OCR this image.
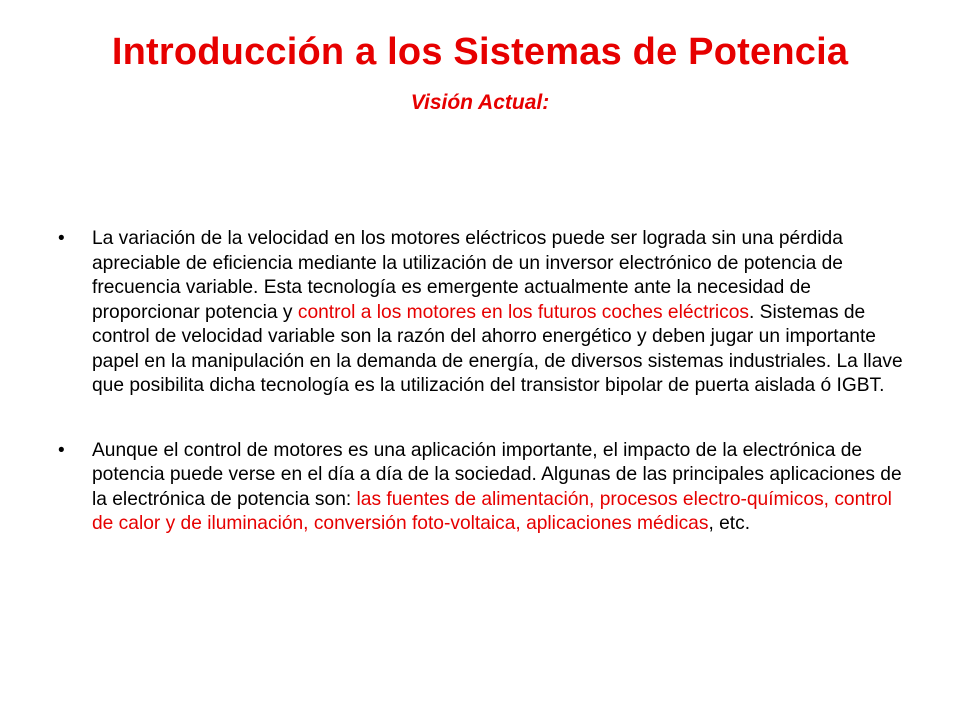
Introducción a los Sistemas de Potencia
Visión Actual:
• La variación de la velocidad en los motores eléctricos puede ser lograda sin una pérdida apreciable de eficiencia mediante la utilización de un inversor electrónico de potencia de frecuencia variable. Esta tecnología es emergente actualmente ante la necesidad de proporcionar potencia y control a los motores en los futuros coches eléctricos. Sistemas de control de velocidad variable son la razón del ahorro energético y deben jugar un importante papel en la manipulación en la demanda de energía, de diversos sistemas industriales. La llave que posibilita dicha tecnología es la utilización del transistor bipolar de puerta aislada ó IGBT.
• Aunque el control de motores es una aplicación importante, el impacto de la electrónica de potencia puede verse en el día a día de la sociedad. Algunas de las principales aplicaciones de la electrónica de potencia son: las fuentes de alimentación, procesos electro-químicos, control de calor y de iluminación, conversión foto-voltaica, aplicaciones médicas, etc.
